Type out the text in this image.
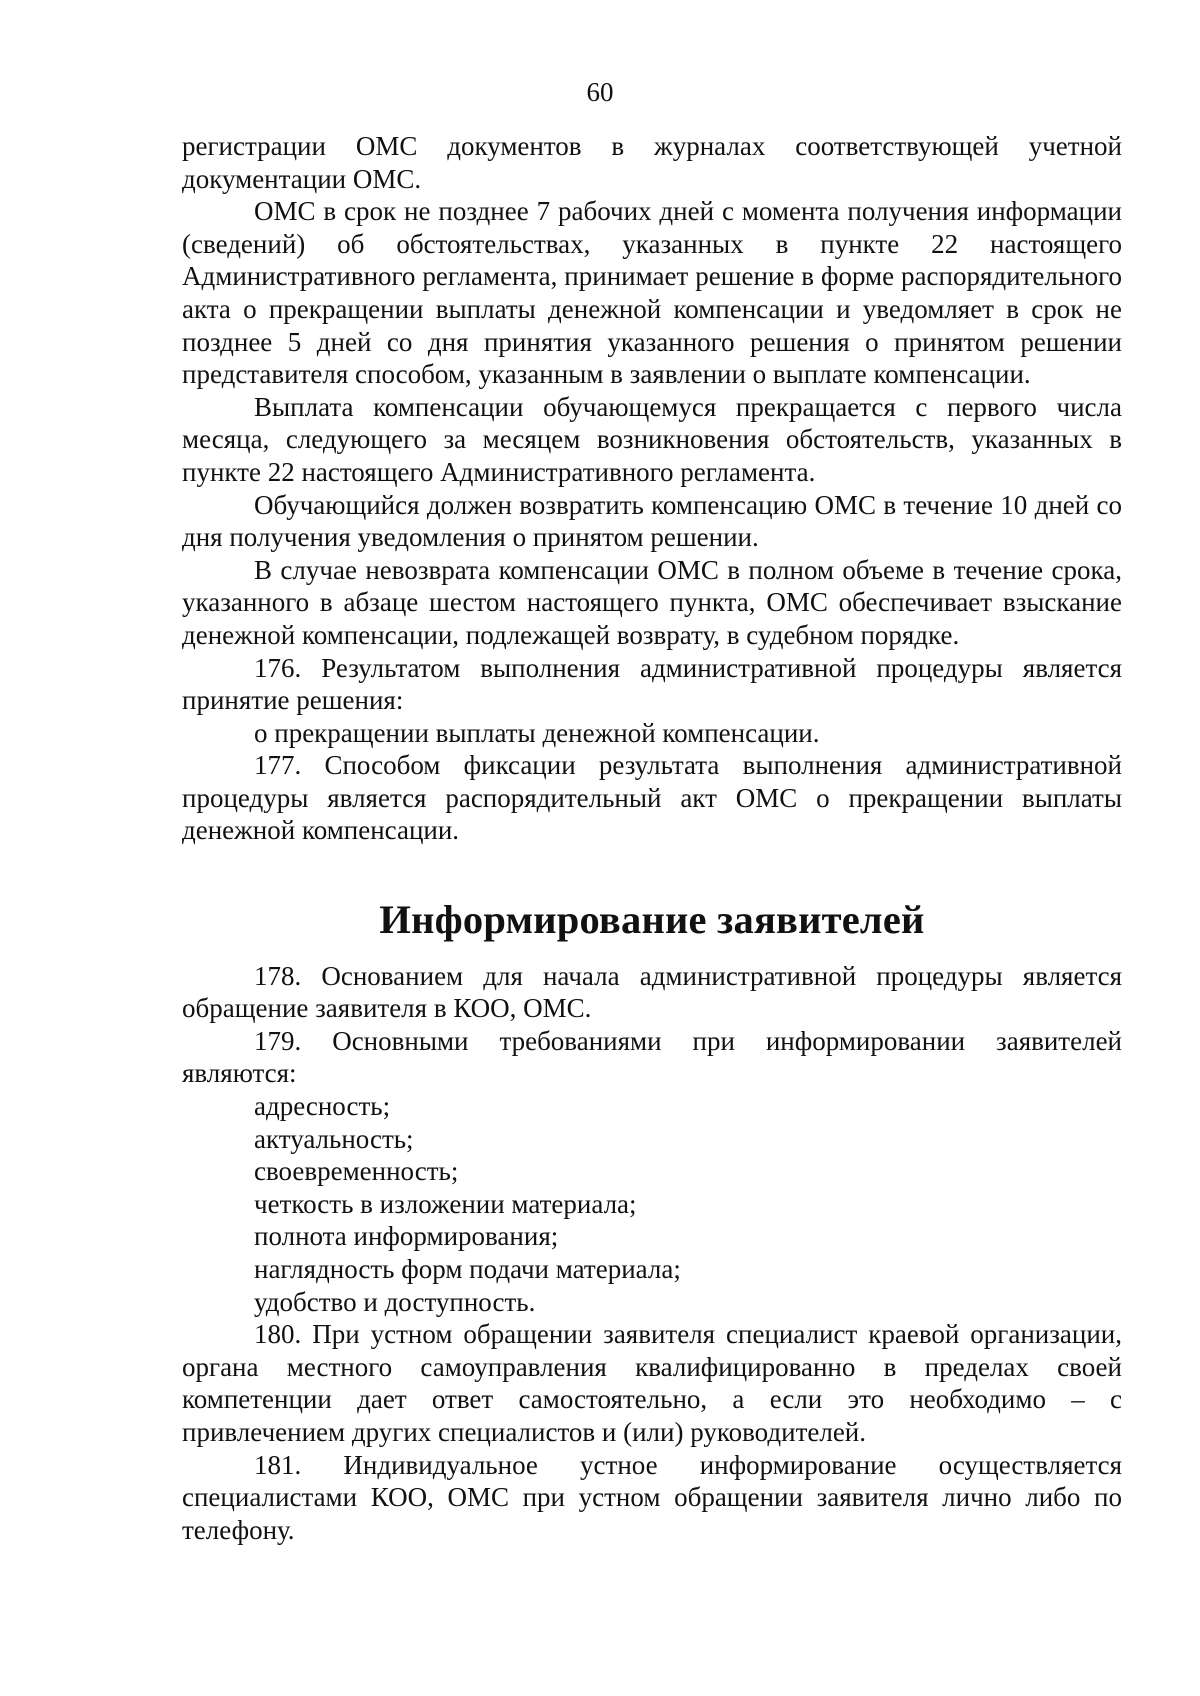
60

регистрации ОМС документов в журналах соответствующей учетной документации ОМС.

ОМС в срок не позднее 7 рабочих дней с момента получения информации (сведений) об обстоятельствах, указанных в пункте 22 настоящего Административного регламента, принимает решение в форме распорядительного акта о прекращении выплаты денежной компенсации и уведомляет в срок не позднее 5 дней со дня принятия указанного решения о принятом решении представителя способом, указанным в заявлении о выплате компенсации.

Выплата компенсации обучающемуся прекращается с первого числа месяца, следующего за месяцем возникновения обстоятельств, указанных в пункте 22 настоящего Административного регламента.

Обучающийся должен возвратить компенсацию ОМС в течение 10 дней со дня получения уведомления о принятом решении.

В случае невозврата компенсации ОМС в полном объеме в течение срока, указанного в абзаце шестом настоящего пункта, ОМС обеспечивает взыскание денежной компенсации, подлежащей возврату, в судебном порядке.

176. Результатом выполнения административной процедуры является принятие решения:

о прекращении выплаты денежной компенсации.

177. Способом фиксации результата выполнения административной процедуры является распорядительный акт ОМС о прекращении выплаты денежной компенсации.

Информирование заявителей

178. Основанием для начала административной процедуры является обращение заявителя в КОО, ОМС.

179. Основными требованиями при информировании заявителей являются:

адресность;

актуальность;

своевременность;

четкость в изложении материала;

полнота информирования;

наглядность форм подачи материала;

удобство и доступность.

180. При устном обращении заявителя специалист краевой организации, органа местного самоуправления квалифицированно в пределах своей компетенции дает ответ самостоятельно, а если это необходимо – с привлечением других специалистов и (или) руководителей.

181. Индивидуальное устное информирование осуществляется специалистами КОО, ОМС при устном обращении заявителя лично либо по телефону.
